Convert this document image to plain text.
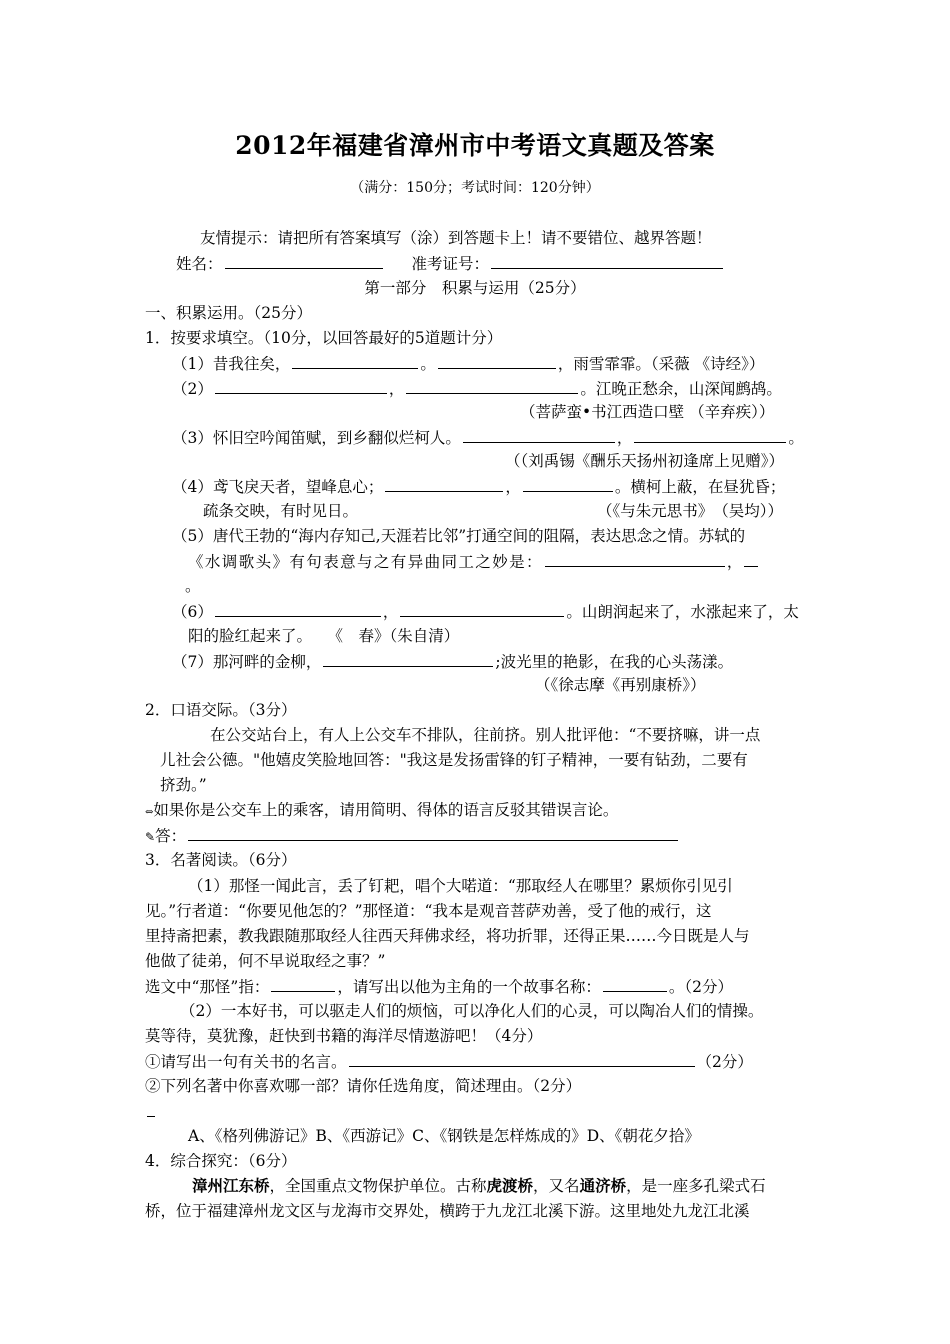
2012年福建省漳州市中考语文真题及答案
（满分：150分；考试时间：120分钟）
友情提示：请把所有答案填写（涂）到答题卡上！请不要错位、越界答题！
姓名：	准考证号：
第一部分　积累与运用（25分）
一、积累运用。（25分）
1．按要求填空。（10分，以回答最好的5道题计分）
（1）昔我往矣，	。	，雨雪霏霏。（采薇 《诗经》）
（2）	，	。江晚正愁余，山深闻鹧鸪。
（菩萨蛮•书江西造口壁 （辛弃疾））
（3）怀旧空吟闻笛赋，到乡翻似烂柯人。	，	。
（（刘禹锡《酬乐天扬州初逢席上见赠》）
（4）鸢飞戾天者，望峰息心；	，	。横柯上蔽，在昼犹昏；
疏条交映，有时见日。	（《与朱元思书》　（吴均））
（5）唐代王勃的“海内存知己,天涯若比邻”打通空间的阻隔，表达思念之情。苏轼的
《水调歌头》有句表意与之有异曲同工之妙是：	，
。
（6）	，	。山朗润起来了，水涨起来了，太
阳的脸红起来了。　　《　春》（朱自清）
（7）那河畔的金柳，	;波光里的艳影，在我的心头荡漾。
（《徐志摩《再别康桥》）
2．口语交际。（3分）
在公交站台上，有人上公交车不排队，往前挤。别人批评他：“不要挤嘛，讲一点
儿社会公德。"他嬉皮笑脸地回答："我这是发扬雷锋的钉子精神，一要有钻劲，二要有
挤劲。”
⇔如果你是公交车上的乘客，请用简明、得体的语言反驳其错误言论。
✎答：
3．名著阅读。（6分）
（1）那怪一闻此言，丢了钉耙，唱个大喏道：“那取经人在哪里？累烦你引见引
见。”行者道：“你要见他怎的？”那怪道：“我本是观音菩萨劝善，受了他的戒行，这
里持斋把素，教我跟随那取经人往西天拜佛求经，将功折罪，还得正果……今日既是人与
他做了徒弟，何不早说取经之事？”
选文中“那怪”指：	，请写出以他为主角的一个故事名称：	。（2分）
（2）一本好书，可以驱走人们的烦恼，可以净化人们的心灵，可以陶冶人们的情操。
莫等待，莫犹豫，赶快到书籍的海洋尽情遨游吧！（4分）
①请写出一句有关书的名言。	（2分）
②下列名著中你喜欢哪一部？请你任选角度，简述理由。（2分）
A、《格列佛游记》B、《西游记》C、《钢铁是怎样炼成的》D、《朝花夕拾》
4．综合探究：（6分）
漳州江东桥，全国重点文物保护单位。古称虎渡桥，又名通济桥，是一座多孔梁式石
桥，位于福建漳州龙文区与龙海市交界处，横跨于九龙江北溪下游。这里地处九龙江北溪
